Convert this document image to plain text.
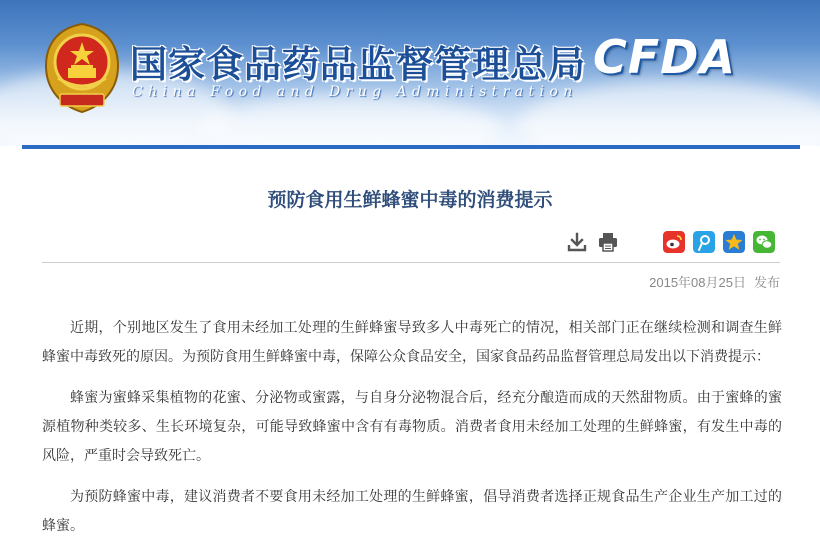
国家食品药品监督管理总局
China Food and Drug Administration
CFDA
预防食用生鲜蜂蜜中毒的消费提示
2015年08月25日 发布

近期，个别地区发生了食用未经加工处理的生鲜蜂蜜导致多人中毒死亡的情况，相关部门正在继续检测和调查生鲜蜂蜜中毒致死的原因。为预防食用生鲜蜂蜜中毒，保障公众食品安全，国家食品药品监督管理总局发出以下消费提示：

蜂蜜为蜜蜂采集植物的花蜜、分泌物或蜜露，与自身分泌物混合后，经充分酿造而成的天然甜物质。由于蜜蜂的蜜源植物种类较多、生长环境复杂，可能导致蜂蜜中含有有毒物质。消费者食用未经加工处理的生鲜蜂蜜，有发生中毒的风险，严重时会导致死亡。

为预防蜂蜜中毒，建议消费者不要食用未经加工处理的生鲜蜂蜜，倡导消费者选择正规食品生产企业生产加工过的蜂蜜。
